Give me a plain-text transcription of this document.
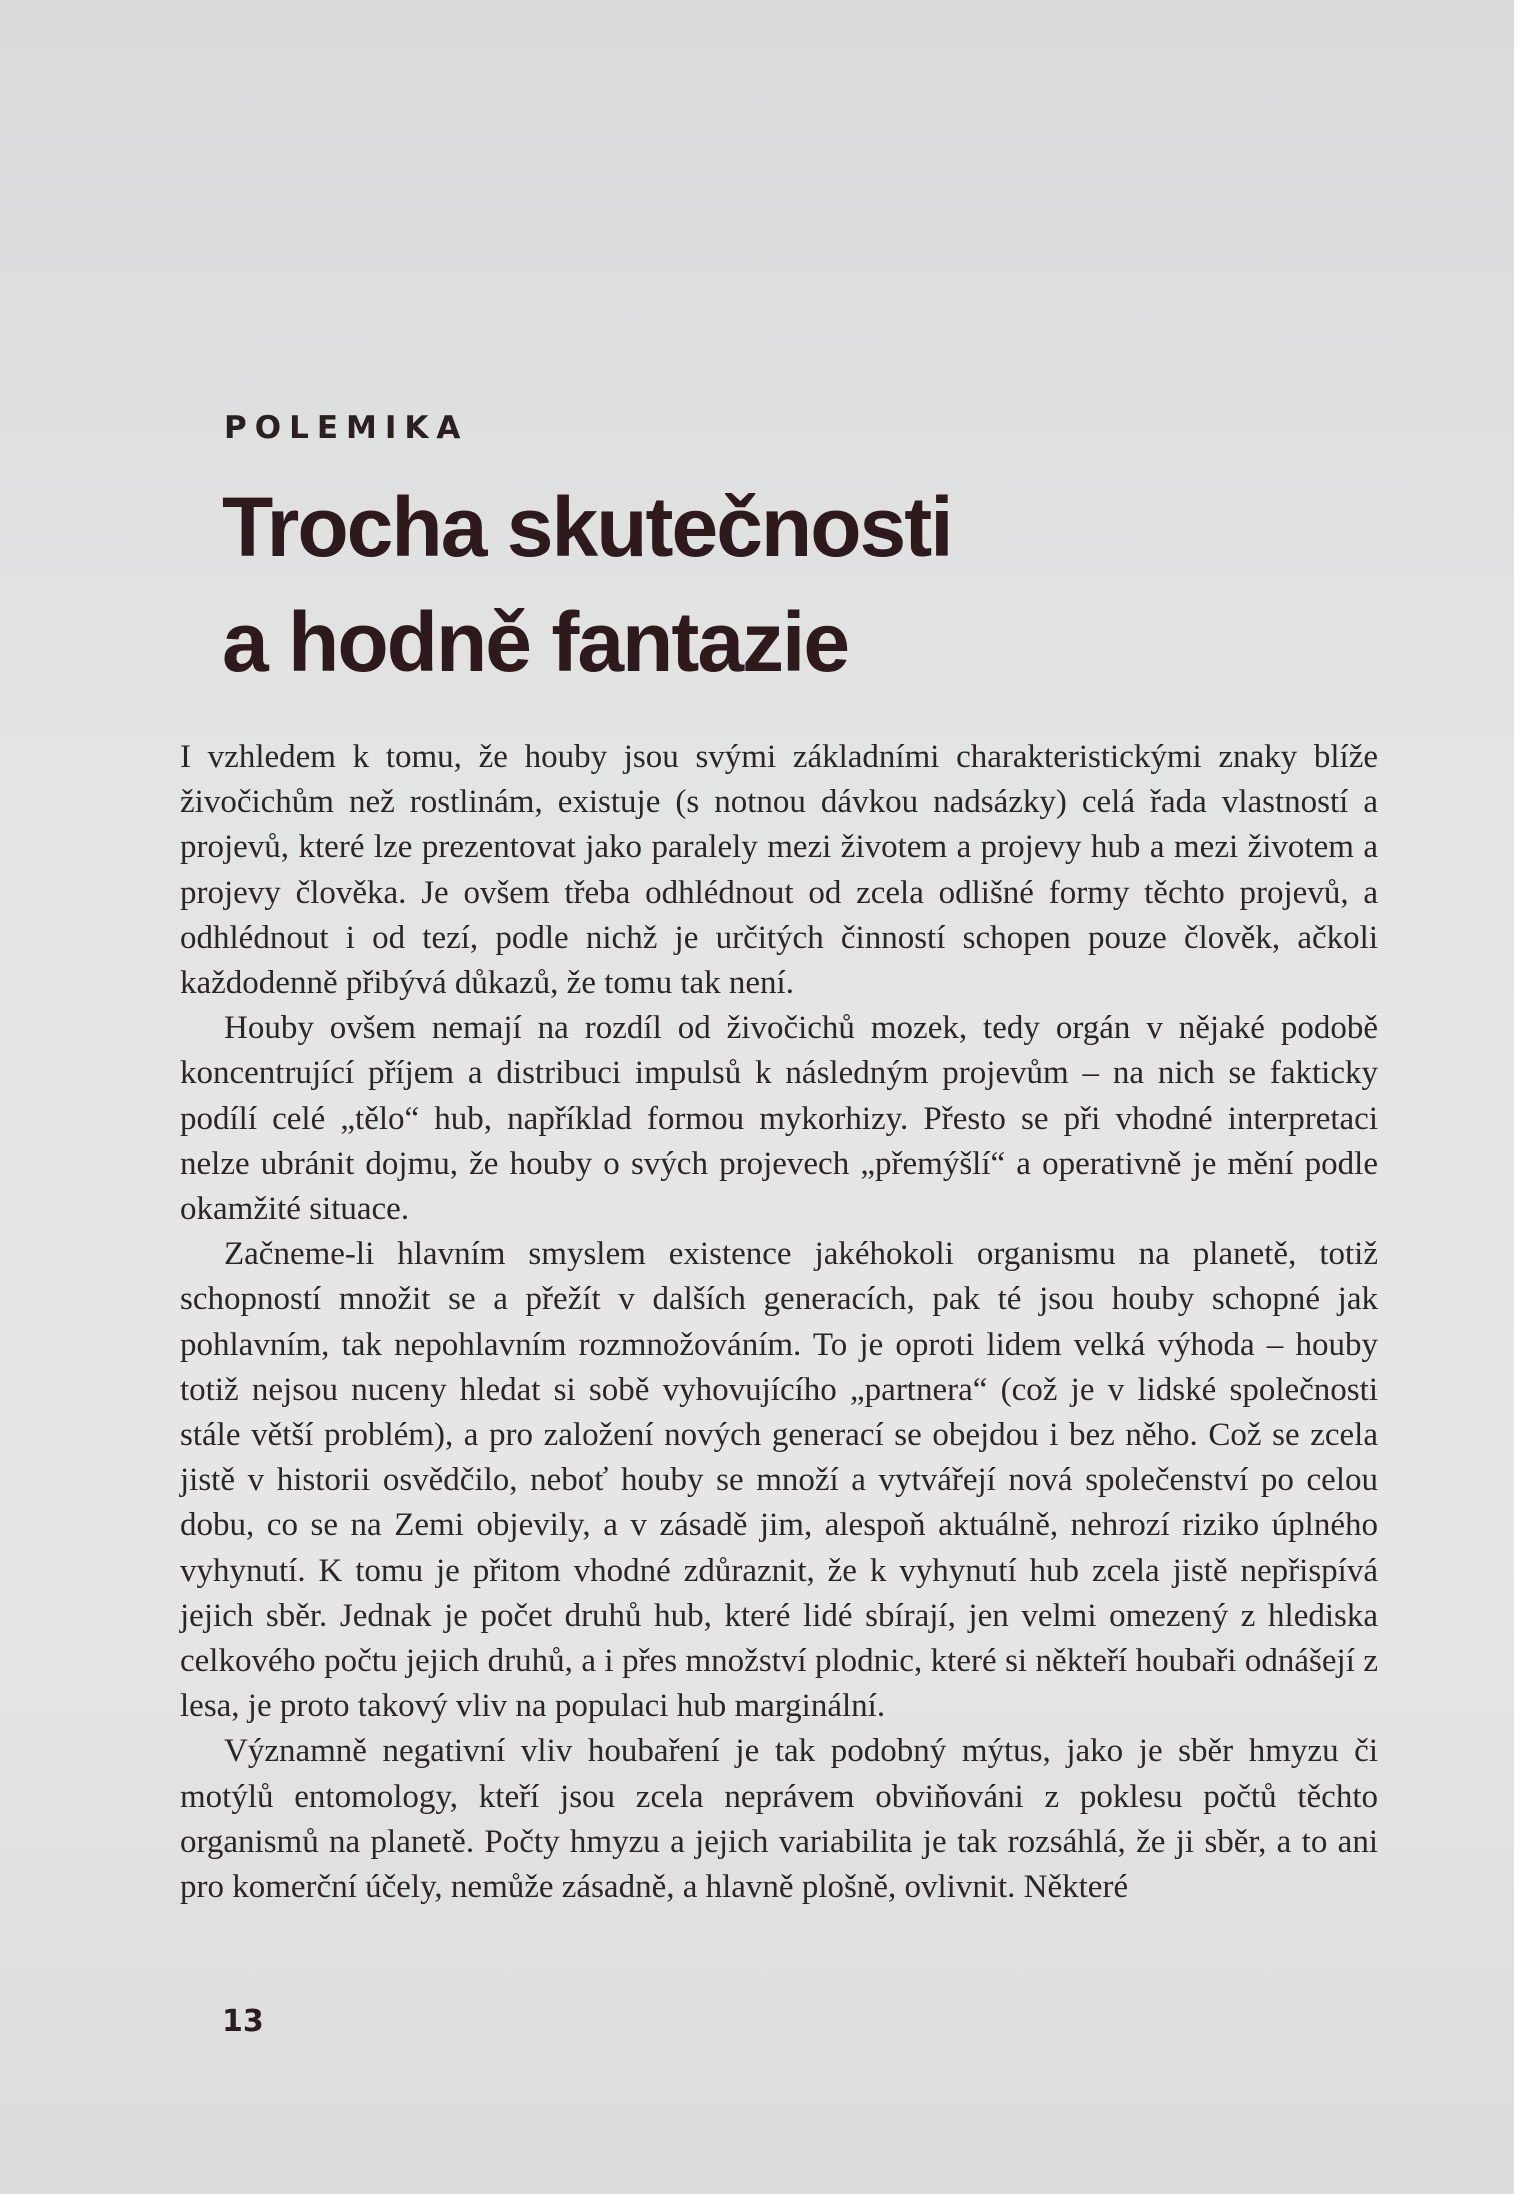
POLEMIKA
Trocha skutečnosti
a hodně fantazie

I vzhledem k tomu, že houby jsou svými základními charakteristickými znaky blíže živočichům než rostlinám, existuje (s notnou dávkou nadsázky) celá řada vlastností a projevů, které lze prezentovat jako paralely mezi životem a projevy hub a mezi životem a projevy člověka. Je ovšem třeba odhlédnout od zcela odlišné formy těchto projevů, a odhlédnout i od tezí, podle nichž je určitých činností schopen pouze člověk, ačkoli každodenně přibývá důkazů, že tomu tak není.

Houby ovšem nemají na rozdíl od živočichů mozek, tedy orgán v nějaké podobě koncentrující příjem a distribuci impulsů k následným projevům – na nich se fakticky podílí celé „tělo“ hub, například formou mykorhizy. Přesto se při vhodné interpretaci nelze ubránit dojmu, že houby o svých projevech „přemýšlí“ a operativně je mění podle okamžité situace.

Začneme-li hlavním smyslem existence jakéhokoli organismu na planetě, totiž schopností množit se a přežít v dalších generacích, pak té jsou houby schopné jak pohlavním, tak nepohlavním rozmnožováním. To je oproti lidem velká výhoda – houby totiž nejsou nuceny hledat si sobě vyhovujícího „partnera“ (což je v lidské společnosti stále větší problém), a pro založení nových generací se obejdou i bez něho. Což se zcela jistě v historii osvědčilo, neboť houby se množí a vytvářejí nová společenství po celou dobu, co se na Zemi objevily, a v zásadě jim, alespoň aktuálně, nehrozí riziko úplného vyhynutí. K tomu je přitom vhodné zdůraznit, že k vyhynutí hub zcela jistě nepřispívá jejich sběr. Jednak je počet druhů hub, které lidé sbírají, jen velmi omezený z hlediska celkového počtu jejich druhů, a i přes množství plodnic, které si někteří houbaři odnášejí z lesa, je proto takový vliv na populaci hub marginální.

Významně negativní vliv houbaření je tak podobný mýtus, jako je sběr hmyzu či motýlů entomology, kteří jsou zcela neprávem obviňováni z poklesu počtů těchto organismů na planetě. Počty hmyzu a jejich variabilita je tak rozsáhlá, že ji sběr, a to ani pro komerční účely, nemůže zásadně, a hlavně plošně, ovlivnit. Některé

13
